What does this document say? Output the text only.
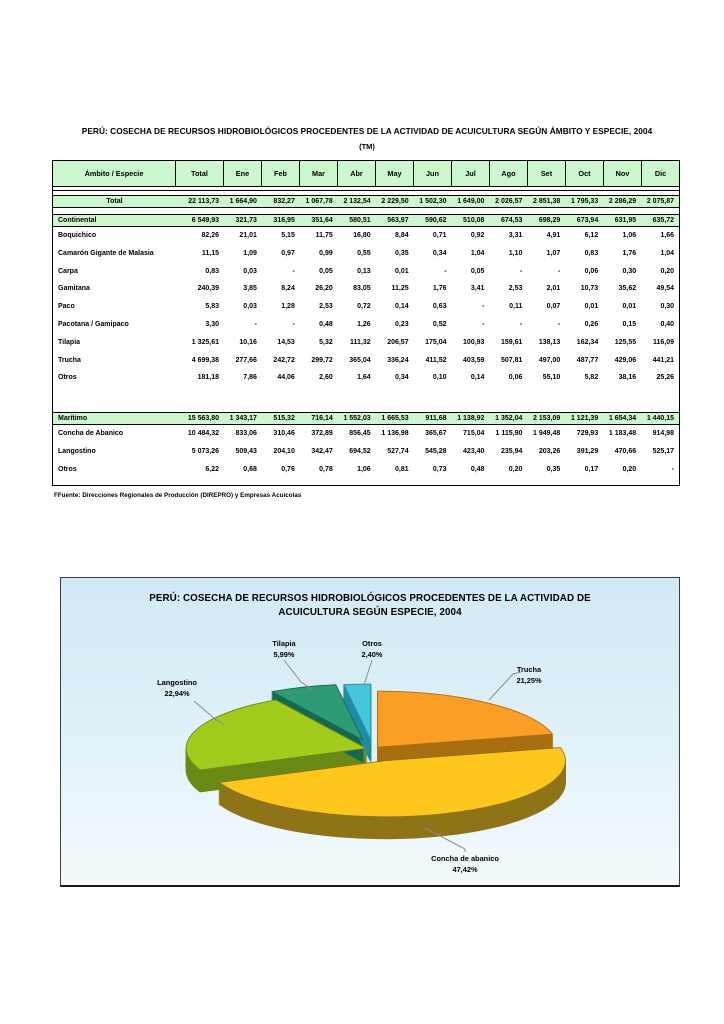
PERÚ: COSECHA DE RECURSOS HIDROBIOLÓGICOS PROCEDENTES DE LA ACTIVIDAD DE ACUICULTURA SEGÚN ÁMBITO Y ESPECIE, 2004
(TM)
Ámbito / Especie	Total	Ene	Feb	Mar	Abr	May	Jun	Jul	Ago	Set	Oct	Nov	Dic
Total	22 113,73	1 664,90	832,27	1 067,78	2 132,54	2 229,50	1 502,30	1 649,00	2 026,57	2 851,38	1 795,33	2 286,29	2 075,87
Continental	6 549,93	321,73	316,95	351,64	580,51	563,97	590,62	510,08	674,53	698,29	673,94	631,95	635,72
Boquichico	82,26	21,01	5,15	11,75	16,80	8,84	0,71	0,92	3,31	4,91	6,12	1,06	1,66
Camarón Gigante de Malasia	11,15	1,09	0,97	0,99	0,55	0,35	0,34	1,04	1,10	1,07	0,83	1,76	1,04
Carpa	0,83	0,03	-	0,05	0,13	0,01	-	0,05	-	-	0,06	0,30	0,20
Gamitana	240,39	3,85	8,24	26,20	83,05	11,25	1,76	3,41	2,53	2,01	10,73	35,62	49,54
Paco	5,83	0,03	1,28	2,53	0,72	0,14	0,63	-	0,11	0,07	0,01	0,01	0,30
Pacotana / Gamipaco	3,30	-	-	0,48	1,26	0,23	0,52	-	-	-	0,26	0,15	0,40
Tilapia	1 325,61	10,16	14,53	5,32	111,32	206,57	175,04	100,93	159,61	138,13	162,34	125,55	116,09
Trucha	4 699,38	277,66	242,72	299,72	365,04	336,24	411,52	403,59	507,81	497,00	487,77	429,06	441,21
Otros	181,18	7,86	44,06	2,60	1,64	0,34	0,10	0,14	0,06	55,10	5,82	38,16	25,26
Marítimo	15 563,80	1 343,17	515,32	716,14	1 552,03	1 665,53	911,68	1 138,92	1 352,04	2 153,09	1 121,39	1 654,34	1 440,15
Concha de Abanico	10 484,32	833,06	310,46	372,89	856,45	1 136,98	365,67	715,04	1 115,90	1 949,48	729,93	1 183,48	914,98
Langostino	5 073,26	509,43	204,10	342,47	694,52	527,74	545,28	423,40	235,94	203,26	391,29	470,66	525,17
Otros	6,22	0,68	0,76	0,78	1,06	0,81	0,73	0,48	0,20	0,35	0,17	0,20	-
FFuente: Direcciones Regionales de Producción (DIREPRO) y Empresas Acuícolas
PERÚ: COSECHA DE RECURSOS HIDROBIOLÓGICOS PROCEDENTES DE LA ACTIVIDAD DE
ACUICULTURA SEGÚN ESPECIE, 2004
Trucha
21,25%
Concha de abanico
47,42%
Langostino
22,94%
Tilapia
5,99%
Otros
2,40%
